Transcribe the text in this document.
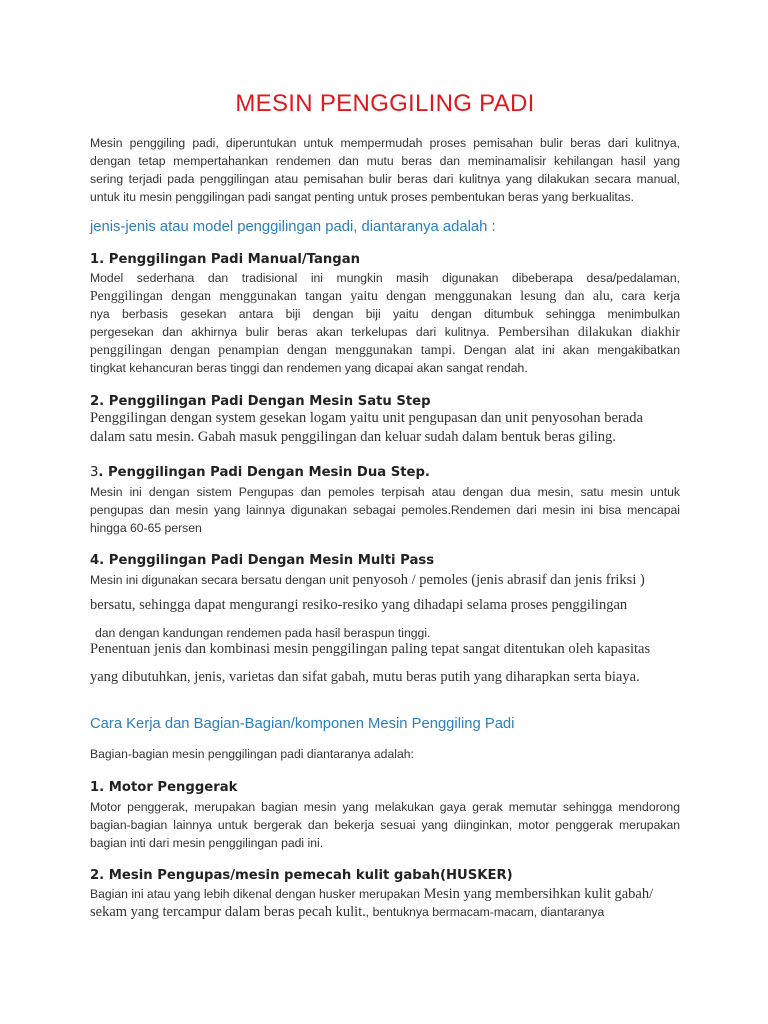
MESIN PENGGILING PADI
Mesin penggiling padi, diperuntukan untuk mempermudah proses pemisahan bulir beras dari kulitnya,
dengan tetap mempertahankan rendemen dan mutu beras dan meminamalisir kehilangan hasil yang
sering terjadi pada penggilingan atau pemisahan bulir beras dari kulitnya yang dilakukan secara manual,
untuk itu mesin penggilingan padi sangat penting untuk proses pembentukan beras yang berkualitas.
jenis-jenis atau model penggilingan padi, diantaranya adalah :
1. Penggilingan Padi Manual/Tangan
Model sederhana dan tradisional ini mungkin masih digunakan dibeberapa desa/pedalaman,
Penggilingan dengan menggunakan tangan yaitu dengan menggunakan lesung dan alu, cara kerja
nya berbasis gesekan antara biji dengan biji yaitu dengan ditumbuk sehingga menimbulkan
pergesekan dan akhirnya bulir beras akan terkelupas dari kulitnya. Pembersihan dilakukan diakhir
penggilingan dengan penampian dengan menggunakan tampi. Dengan alat ini akan mengakibatkan
tingkat kehancuran beras tinggi dan rendemen yang dicapai akan sangat rendah.
2. Penggilingan Padi Dengan Mesin Satu Step
Penggilingan dengan system gesekan logam yaitu unit pengupasan dan unit penyosohan berada
dalam satu mesin. Gabah masuk penggilingan dan keluar sudah dalam bentuk beras giling.
3. Penggilingan Padi Dengan Mesin Dua Step.
Mesin ini dengan sistem Pengupas dan pemoles terpisah atau dengan dua mesin, satu mesin untuk
pengupas dan mesin yang lainnya digunakan sebagai pemoles.Rendemen dari mesin ini bisa mencapai
hingga 60-65 persen
4. Penggilingan Padi Dengan Mesin Multi Pass
Mesin ini digunakan secara bersatu dengan unit penyosoh / pemoles (jenis abrasif dan jenis friksi )
bersatu, sehingga dapat mengurangi resiko-resiko yang dihadapi selama proses penggilingan
dan dengan kandungan rendemen pada hasil beraspun tinggi.
Penentuan jenis dan kombinasi mesin penggilingan paling tepat sangat ditentukan oleh kapasitas
yang dibutuhkan, jenis, varietas dan sifat gabah, mutu beras putih yang diharapkan serta biaya.
Cara Kerja dan Bagian-Bagian/komponen Mesin Penggiling Padi
Bagian-bagian mesin penggilingan padi diantaranya adalah:
1. Motor Penggerak
Motor penggerak, merupakan bagian mesin yang melakukan gaya gerak memutar sehingga mendorong
bagian-bagian lainnya untuk bergerak dan bekerja sesuai yang diinginkan, motor penggerak merupakan
bagian inti dari mesin penggilingan padi ini.
2. Mesin Pengupas/mesin pemecah kulit gabah(HUSKER)
Bagian ini atau yang lebih dikenal dengan husker merupakan Mesin yang membersihkan kulit gabah/
sekam yang tercampur dalam beras pecah kulit., bentuknya bermacam-macam, diantaranya
